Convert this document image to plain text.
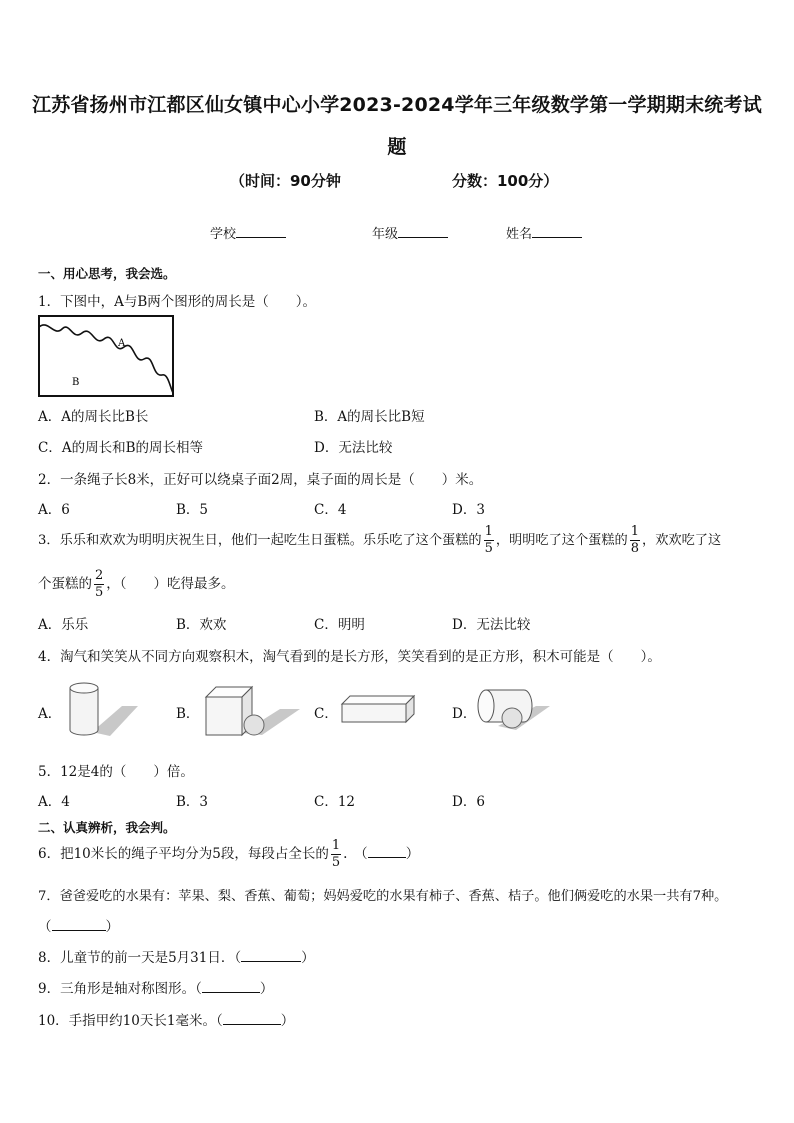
江苏省扬州市江都区仙女镇中心小学2023-2024学年三年级数学第一学期期末统考试
题
（时间：90分钟	分数：100分）
学校	年级	姓名
一、用心思考，我会选。
1．下图中，A与B两个图形的周长是（　　）。
A
B
A．A的周长比B长	B．A的周长比B短
C．A的周长和B的周长相等	D．无法比较
2．一条绳子长8米，正好可以绕桌子面2周，桌子面的周长是（　　）米。
A．6	B．5	C．4	D．3
3．乐乐和欢欢为明明庆祝生日，他们一起吃生日蛋糕。乐乐吃了这个蛋糕的 $\frac{1}{5}$ ，明明吃了这个蛋糕的 $\frac{1}{8}$ ，欢欢吃了这
个蛋糕的 $\frac{2}{5}$ ，（　　）吃得最多。
A．乐乐	B．欢欢	C．明明	D．无法比较
4．淘气和笑笑从不同方向观察积木，淘气看到的是长方形，笑笑看到的是正方形，积木可能是（　　）。
A．	B．	C．	D．
5．12是4的（　　）倍。
A．4	B．3	C．12	D．6
二、认真辨析，我会判。
6．把10米长的绳子平均分为5段，每段占全长的 $\frac{1}{5}$ .　（	）
7．爸爸爱吃的水果有：苹果、梨、香蕉、葡萄；妈妈爱吃的水果有柿子、香蕉、桔子。他们俩爱吃的水果一共有7种。
（	）
8．儿童节的前一天是5月31日．（	）
9．三角形是轴对称图形。（	）
10．手指甲约10天长1毫米。（	）
